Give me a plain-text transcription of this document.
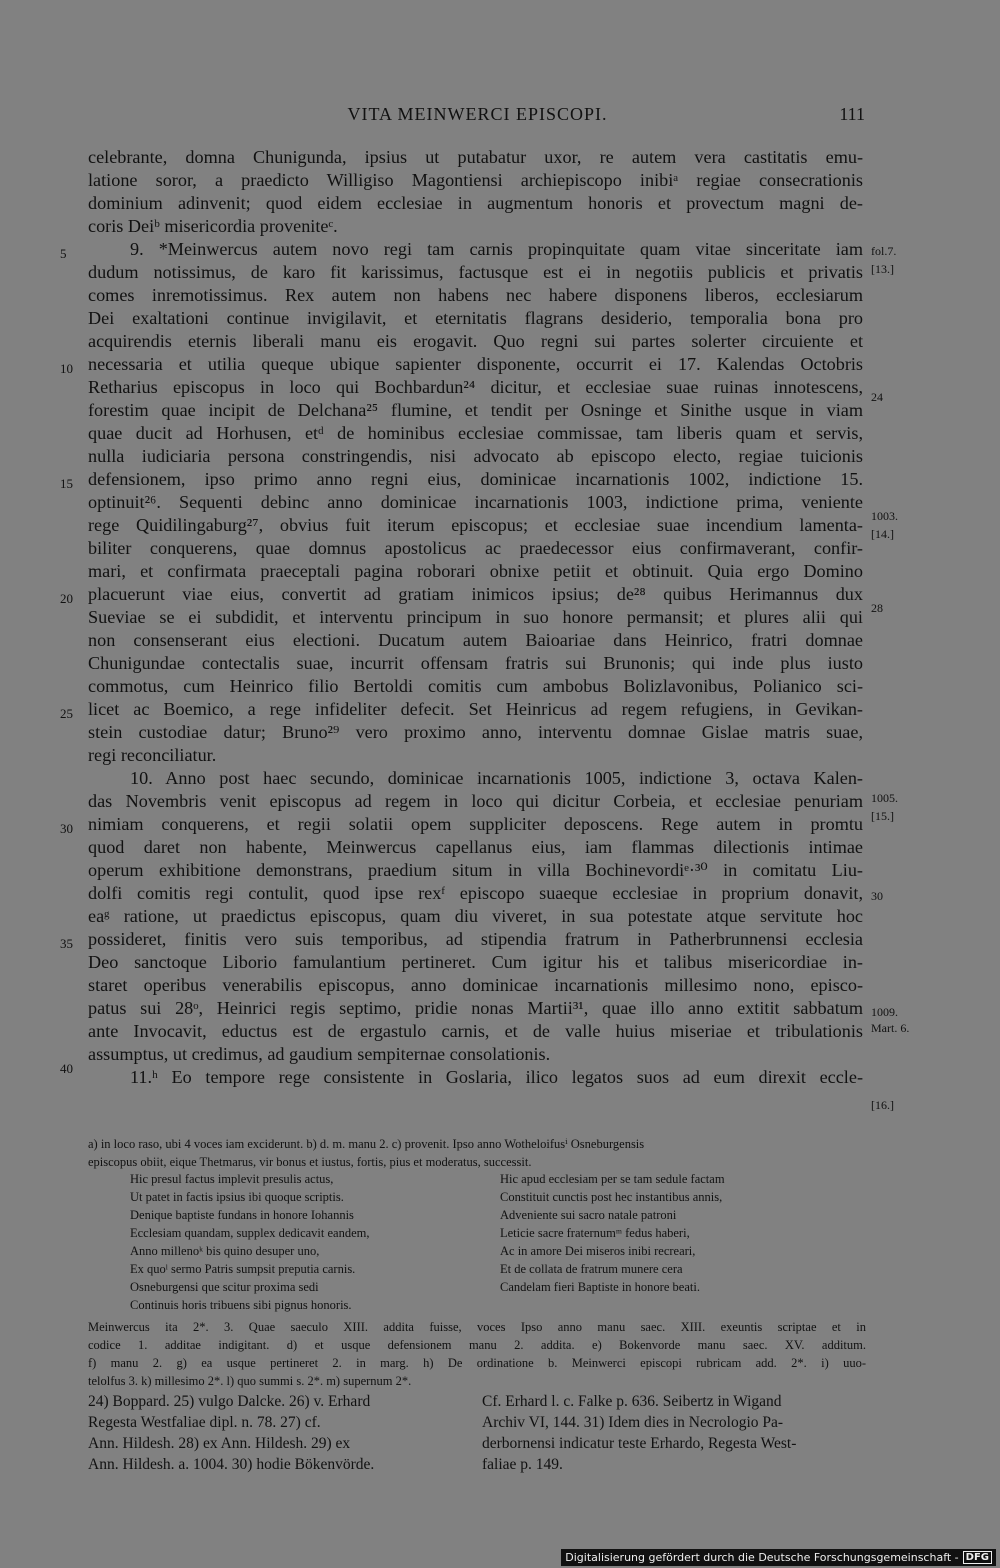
VITA MEINWERCI EPISCOPI.	111
celebrante, domna Chunigunda, ipsius ut putabatur uxor, re autem vera castitatis emu-
latione soror, a praedicto Willigiso Magontiensi archiepiscopo inibiᵃ regiae consecrationis
dominium adinvenit; quod eidem ecclesiae in augmentum honoris et provectum magni de-
coris Deiᵇ misericordia proveniteᶜ.
9. *Meinwercus autem novo regi tam carnis propinquitate quam vitae sinceritate iam
dudum notissimus, de karo fit karissimus, factusque est ei in negotiis publicis et privatis
comes inremotissimus. Rex autem non habens nec habere disponens liberos, ecclesiarum
Dei exaltationi continue invigilavit, et eternitatis flagrans desiderio, temporalia bona pro
acquirendis eternis liberali manu eis erogavit. Quo regni sui partes solerter circuiente et
necessaria et utilia queque ubique sapienter disponente, occurrit ei 17. Kalendas Octobris
Retharius episcopus in loco qui Bochbardun²⁴ dicitur, et ecclesiae suae ruinas innotescens,
forestim quae incipit de Delchana²⁵ flumine, et tendit per Osninge et Sinithe usque in viam
quae ducit ad Horhusen, etᵈ de hominibus ecclesiae commissae, tam liberis quam et servis,
nulla iudiciaria persona constringendis, nisi advocato ab episcopo electo, regiae tuicionis
defensionem, ipso primo anno regni eius, dominicae incarnationis 1002, indictione 15.
optinuit²⁶. Sequenti debinc anno dominicae incarnationis 1003, indictione prima, veniente
rege Quidilingaburg²⁷, obvius fuit iterum episcopus; et ecclesiae suae incendium lamenta-
biliter conquerens, quae domnus apostolicus ac praedecessor eius confirmaverant, confir-
mari, et confirmata praeceptali pagina roborari obnixe petiit et obtinuit. Quia ergo Domino
placuerunt viae eius, convertit ad gratiam inimicos ipsius; de²⁸ quibus Herimannus dux
Sueviae se ei subdidit, et interventu principum in suo honore permansit; et plures alii qui
non consenserant eius electioni. Ducatum autem Baioariae dans Heinrico, fratri domnae
Chunigundae contectalis suae, incurrit offensam fratris sui Brunonis; qui inde plus iusto
commotus, cum Heinrico filio Bertoldi comitis cum ambobus Bolizlavonibus, Polianico sci-
licet ac Boemico, a rege infideliter defecit. Set Heinricus ad regem refugiens, in Gevikan-
stein custodiae datur; Bruno²⁹ vero proximo anno, interventu domnae Gislae matris suae,
regi reconciliatur.
10. Anno post haec secundo, dominicae incarnationis 1005, indictione 3, octava Kalen-
das Novembris venit episcopus ad regem in loco qui dicitur Corbeia, et ecclesiae penuriam
nimiam conquerens, et regii solatii opem suppliciter deposcens. Rege autem in promtu
quod daret non habente, Meinwercus capellanus eius, iam flammas dilectionis intimae
operum exhibitione demonstrans, praedium situm in villa Bochinevordiᵉ·³⁰ in comitatu Liu-
dolfi comitis regi contulit, quod ipse rexᶠ episcopo suaeque ecclesiae in proprium donavit,
eaᵍ ratione, ut praedictus episcopus, quam diu viveret, in sua potestate atque servitute hoc
possideret, finitis vero suis temporibus, ad stipendia fratrum in Patherbrunnensi ecclesia
Deo sanctoque Liborio famulantium pertineret. Cum igitur his et talibus misericordiae in-
staret operibus venerabilis episcopus, anno dominicae incarnationis millesimo nono, episco-
patus sui 28ᵒ, Heinrici regis septimo, pridie nonas Martii³¹, quae illo anno extitit sabbatum
ante Invocavit, eductus est de ergastulo carnis, et de valle huius miseriae et tribulationis
assumptus, ut credimus, ad gaudium sempiternae consolationis.
11.ʰ Eo tempore rege consistente in Goslaria, ilico legatos suos ad eum direxit eccle-
5
10
15
20
25
30
35
40
fol.7.
[13.]
24
1003.
[14.]
28
1005.
[15.]
30
1009.
Mart. 6.
[16.]
a) in loco raso, ubi 4 voces iam exciderunt. b) d. m. manu 2. c) provenit. Ipso anno Wotheloifusⁱ Osneburgensis
episcopus obiit, eique Thetmarus, vir bonus et iustus, fortis, pius et moderatus, successit.
Hic presul factus implevit presulis actus,	Hic apud ecclesiam per se tam sedule factam
Ut patet in factis ipsius ibi quoque scriptis.	Constituit cunctis post hec instantibus annis,
Denique baptiste fundans in honore Iohannis	Adveniente sui sacro natale patroni
Ecclesiam quandam, supplex dedicavit eandem,	Leticie sacre fraternumᵐ fedus haberi,
Anno millenoᵏ bis quino desuper uno,	Ac in amore Dei miseros inibi recreari,
Ex quoˡ sermo Patris sumpsit preputia carnis.	Et de collata de fratrum munere cera
Osneburgensi que scitur proxima sedi	Candelam fieri Baptiste in honore beati.
Continuis horis tribuens sibi pignus honoris.
Meinwercus ita 2*. 3. Quae saeculo XIII. addita fuisse, voces Ipso anno manu saec. XIII. exeuntis scriptae et in
codice 1. additae indigitant. d) et usque defensionem manu 2. addita. e) Bokenvorde manu saec. XV. additum.
f) manu 2. g) ea usque pertineret 2. in marg. h) De ordinatione b. Meinwerci episcopi rubricam add. 2*. i) uuo-
telolfus 3. k) millesimo 2*. l) quo summi s. 2*. m) supernum 2*.
24) Boppard. 25) vulgo Dalcke. 26) v. Erhard
Regesta Westfaliae dipl. n. 78. 27) cf.
Ann. Hildesh. 28) ex Ann. Hildesh. 29) ex
Ann. Hildesh. a. 1004. 30) hodie Bökenvörde.
Cf. Erhard l. c. Falke p. 636. Seibertz in Wigand
Archiv VI, 144. 31) Idem dies in Necrologio Pa-
derbornensi indicatur teste Erhardo, Regesta West-
faliae p. 149.
Digitalisierung gefördert durch die Deutsche Forschungsgemeinschaft - DFG
